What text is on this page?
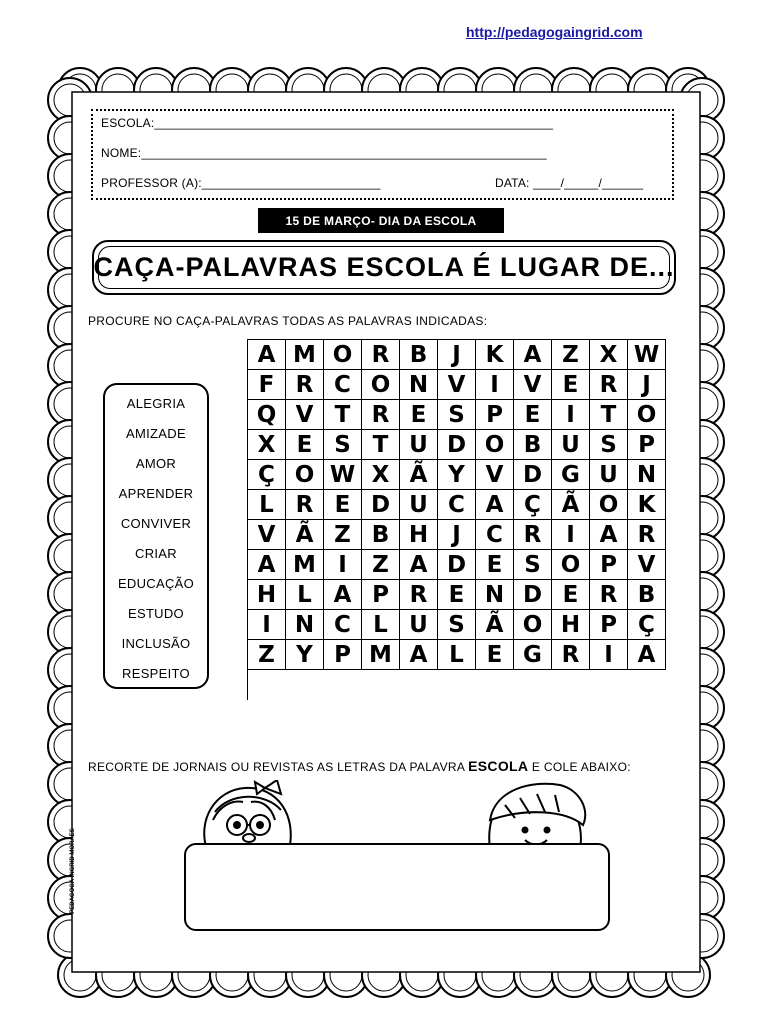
http://pedagogaingrid.com
ESCOLA:__________________________________________________________
NOME:___________________________________________________________
PROFESSOR (A):__________________________	DATA: ____/_____/______
15 DE MARÇO- DIA DA ESCOLA
CAÇA-PALAVRAS ESCOLA É LUGAR DE...
PROCURE NO CAÇA-PALAVRAS TODAS AS PALAVRAS INDICADAS:
ALEGRIA
AMIZADE
AMOR
APRENDER
CONVIVER
CRIAR
EDUCAÇÃO
ESTUDO
INCLUSÃO
RESPEITO
A M O R B	J	K A Z X W
F R C O N V	I	V E R	J
Q V T R E S P E	I	T O
X E S T U D O B U S P
Ç O W X Ã Y V D G U N
L R E D U C A Ç Ã O K
V Ã Z B H	J	C R	I	A R
A M I	Z A D E S O P V
H L A P R E N D E R B
I	N C L U S Ã O H P Ç
Z Y P M A L E G R	I	A
RECORTE DE JORNAIS OU REVISTAS AS LETRAS DA PALAVRA ESCOLA E COLE ABAIXO:
PEDAGOGA INGRID MORAES
